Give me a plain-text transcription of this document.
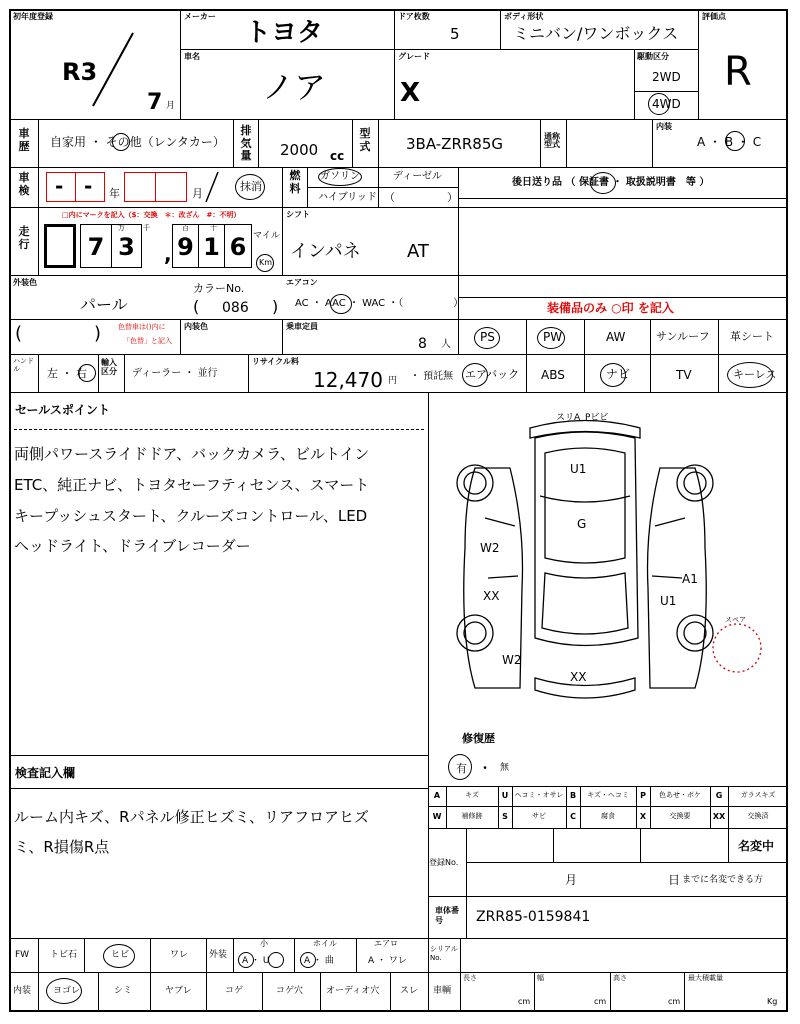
初年度登録
R3
7 月
メーカー
トヨタ
ドア枚数
5
ボディ形状
ミニバン/ワンボックス
評価点
R
車名
ノア
グレード
X
駆動区分
2WD
4WD
車歴 自家用 ・ その他（レンタカー）
排気量 2000 cc
型式 3BA-ZRR85G	通称型式
内装
A ・ B ・ C
車検 - - 年	月
抹消
燃料
ガソリン	ディーゼル
ハイブリッド （	）
後日送り品 （ 保証書 ・ 取扱説明書　等 ）
走行
□内にマークを記入（$：交換　＊：改ざん　#：不明）
万	千	百	十
7 3	, 9 1 6 マイル
Km
シフト
インパネ	AT
外装色
パール
カラーNo.
( 086 )
エアコン
AC ・ AAC ・ WAC ・（　　　　　）	装備品のみ ○印 を記入
(	) 色替車は()内に
「色替」と記入
内装色	乗車定員
8 人
PS	PW	AW	サンルーフ 革シート
エアバック ABS	ナビ	TV	キーレス
ハンドル	左 ・ 右
輸入区分	ディーラー ・ 並行
リサイクル料
12,470 円 ・ 預託無
セールスポイント
両側パワースライドドア、バックカメラ、ビルトイン
ETC、純正ナビ、トヨタセーフティセンス、スマート
キープッシュスタート、クルーズコントロール、LED
ヘッドライト、ドライブレコーダー
スリA Pビビ
U1
G
W2
XX
A1
U1
W2
XX
スペア
修復歴
有 ・ 無
検査記入欄
ルーム内キズ、Rパネル修正ヒズミ、リアフロアヒズ
ミ、R損傷R点
A	キズ	U ヘコミ・オサレ B	キズ・ヘコミ	P	色あせ・ボケ	G	ガラスキズ
W	補修跡	S	サビ	C	腐食	X	交換要	XX	交換済
登録No.
名変中
月	日 までに名変できる方
車体番号	ZRR85-0159841
FW トビ石	ヒビ	ワレ 外装
小	ホイル	エアロ
A ・ U	A ・ 曲	A ・ ワレ
シリアルNo.
内装 ヨゴレ	シミ	ヤブレ	コゲ	コゲ穴	オーディオ穴 スレ 車輌
長さ
cm
幅
cm
高さ
cm
最大積載量
Kg
